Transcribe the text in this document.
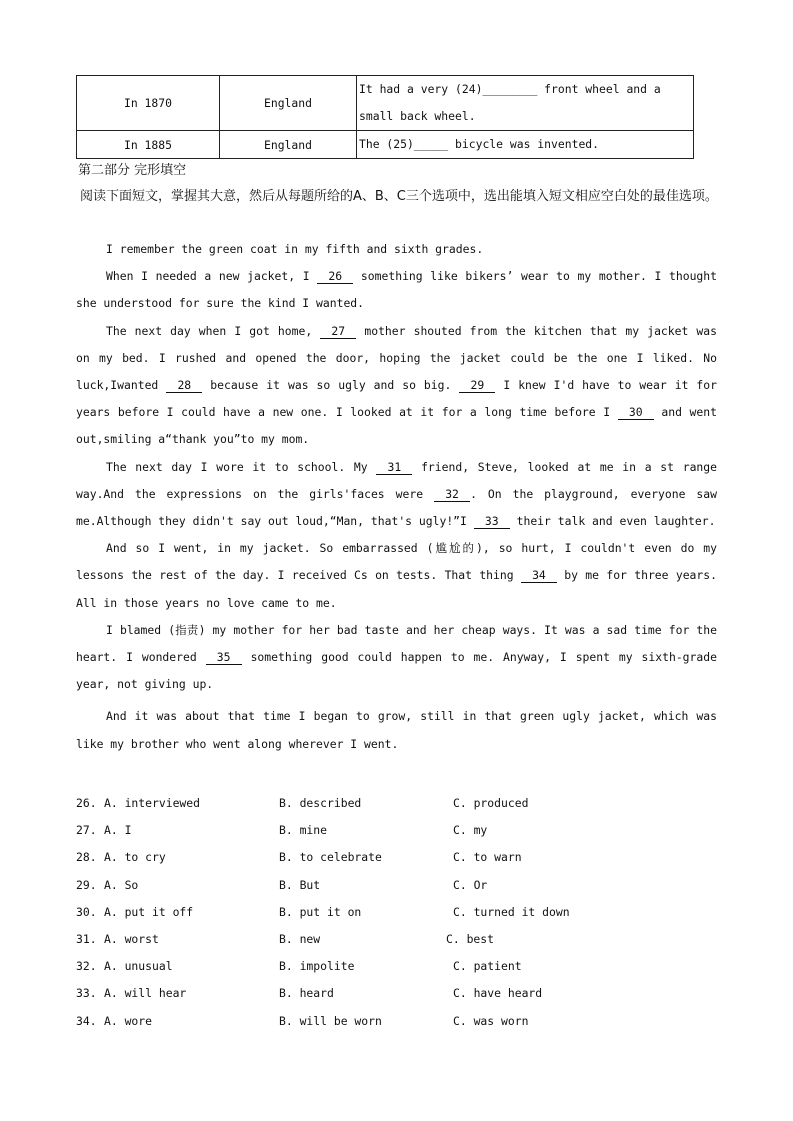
In 1870	England	It had a very (24)________ front wheel and a small back wheel.
In 1885	England	The (25)_____ bicycle was invented.
第二部分 完形填空
阅读下面短文，掌握其大意，然后从每题所给的A、B、C三个选项中，选出能填入短文相应空白处的最佳选项。

I remember the green coat in my fifth and sixth grades.

When I needed a new jacket, I 26 something like bikers’ wear to my mother. I thought she understood for sure the kind I wanted.

The next day when I got home, 27 mother shouted from the kitchen that my jacket was on my bed. I rushed and opened the door, hoping the jacket could be the one I liked. No luck,Iwanted 28 because it was so ugly and so big. 29 I knew I'd have to wear it for years before I could have a new one. I looked at it for a long time before I 30 and went out,smiling a“thank you”to my mom.

The next day I wore it to school. My 31 friend, Steve, looked at me in a st range way.And the expressions on the girls'faces were 32 . On the playground, everyone saw me.Although they didn't say out loud,“Man, that's ugly!”I 33 their talk and even laughter.

And so I went, in my jacket. So embarrassed (尴尬的), so hurt, I couldn't even do my lessons the rest of the day. I received Cs on tests. That thing 34 by me for three years. All in those years no love came to me.

I blamed (指责) my mother for her bad taste and her cheap ways. It was a sad time for the heart. I wondered 35 something good could happen to me. Anyway, I spent my sixth-grade year, not giving up.

And it was about that time I began to grow, still in that green ugly jacket, which was like my brother who went along wherever I went.

26. A. interviewed	B. described	C. produced
27. A. I	B. mine	C. my
28. A. to cry	B. to celebrate	C. to warn
29. A. So	B. But	C. Or
30. A. put it off	B. put it on	C. turned it down
31. A. worst	B. new	C. best
32. A. unusual	B. impolite	C. patient
33. A. will hear	B. heard	C. have heard
34. A. wore	B. will be worn	C. was worn
